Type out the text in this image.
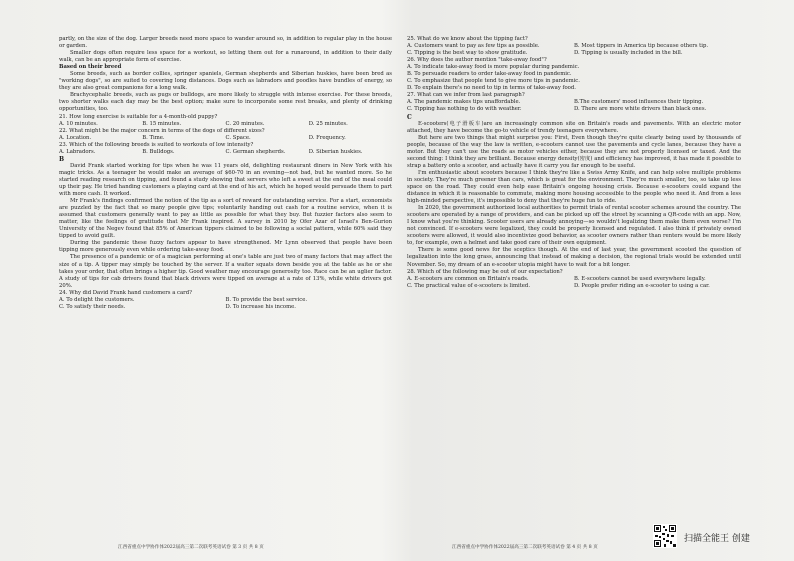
partly, on the size of the dog. Larger breeds need more space to wander around so, in addition to regular play in the house or garden.

Smaller dogs often require less space for a workout, so letting them out for a runaround, in addition to their daily walk, can be an appropriate form of exercise.

Based on their breed

Some breeds, such as border collies, springer spaniels, German shepherds and Siberian huskies, have been bred as "working dogs", so are suited to covering long distances. Dogs such as labradors and poodles have bundles of energy, so they are also great companions for a long walk.

Brachycephalic breeds, such as pugs or bulldogs, are more likely to struggle with intense exercise. For these breeds, two shorter walks each day may be the best option; make sure to incorporate some rest breaks, and plenty of drinking opportunities, too.

21. How long exercise is suitable for a 4-month-old puppy?

A. 10 minutes.	B. 15 minutes.	C. 20 minutes.	D. 25 minutes.

22. What might be the major concern in terms of the dogs of different sizes?

A. Location.	B. Time.	C. Space.	D. Frequency.

23. Which of the following breeds is suited to workouts of low intensity?

A. Labradors.	B. Bulldogs.	C. German shepherds.	D. Siberian huskies.

B

David Frank started working for tips when he was 11 years old, delighting restaurant diners in New York with his magic tricks. As a teenager he would make an average of $60-70 in an evening—not bad, but he wanted more. So he started reading research on tipping, and found a study showing that servers who left a sweet at the end of the meal could up their pay. He tried handing customers a playing card at the end of his act, which he hoped would persuade them to part with more cash. It worked.

Mr Frank's findings confirmed the notion of the tip as a sort of reward for outstanding service. For a start, economists are puzzled by the fact that so many people give tips; voluntarily handing out cash for a routine service, when it is assumed that customers generally want to pay as little as possible for what they buy. But fuzzier factors also seem to matter, like the feelings of gratitude that Mr Frank inspired. A survey in 2010 by Ofer Azar of Israel's Ben-Gurion University of the Negev found that 85% of American tippers claimed to be following a social pattern, while 60% said they tipped to avoid guilt.

During the pandemic these fuzzy factors appear to have strengthened. Mr Lynn observed that people have been tipping more generously even while ordering take-away food.

The presence of a pandemic or of a magician performing at one's table are just two of many factors that may affect the size of a tip. A tipper may simply be touched by the server. If a waiter squats down beside you at the table as he or she takes your order, that often brings a higher tip. Good weather may encourage generosity too. Race can be an uglier factor. A study of tips for cab drivers found that black drivers were tipped on average at a rate of 13%, while white drivers got 20%.

24. Why did David Frank hand customers a card?

A. To delight the customers.	B. To provide the best service.
C. To satisfy their needs.	D. To increase his income.

25. What do we know about the tipping fact?

A. Customers want to pay as few tips as possible.	B. Most tippers in America tip because others tip.
C. Tipping is the best way to show gratitude.	D. Tipping is usually included in the bill.

26. Why does the author mention "take-away food"?

A. To indicate take-away food is more popular during pandemic.

B. To persuade readers to order take-away food in pandemic.

C. To emphasize that people tend to give more tips in pandemic.

D. To explain there's no need to tip in terms of take-away food.

27. What can we infer from last paragraph?

A. The pandemic makes tips unaffordable.	B.The customers' mood influences their tipping.
C. Tipping has nothing to do with weather.	D. There are more white drivers than black ones.

C

E-scooters(电子滑板车)are an increasingly common site on Britain's roads and pavements. With an electric motor attached, they have become the go-to vehicle of trendy teenagers everywhere.

But here are two things that might surprise you: First, Even though they're quite clearly being used by thousands of people, because of the way the law is written, e-scooters cannot use the pavements and cycle lanes, because they have a motor. But they can't use the roads as motor vehicles either, because they are not properly licensed or taxed. And the second thing: I think they are brilliant. Because energy density(密度) and efficiency has improved, it has made it possible to strap a battery onto a scooter, and actually have it carry you far enough to be useful.

I'm enthusiastic about scooters because I think they're like a Swiss Army Knife, and can help solve multiple problems in society. They're much greener than cars, which is great for the environment. They're much smaller, too, so take up less space on the road. They could even help ease Britain's ongoing housing crisis. Because e-scooters could expand the distance in which it is reasonable to commute, making more housing accessible to the people who need it. And from a less high-minded perspective, it's impossible to deny that they're huge fun to ride.

In 2020, the government authorized local authorities to permit trials of rental scooter schemes around the country. The scooters are operated by a range of providers, and can be picked up off the street by scanning a QR-code with an app. Now, I know what you're thinking. Scooter users are already annoying—so wouldn't legalizing them make them even worse? I'm not convinced. If e-scooters were legalized, they could be properly licensed and regulated. I also think if privately owned scooters were allowed, it would also incentivize good behavior, as scooter owners rather than renters would be more likely to, for example, own a helmet and take good care of their own equipment.

There is some good news for the sceptics though. At the end of last year, the government scooted the question of legalization into the long grass, announcing that instead of making a decision, the regional trials would be extended until November. So, my dream of an e-scooter utopia might have to wait for a bit longer.

28. Which of the following may be out of our expectation?

A. E-scooters are common on Britain's roads.	B. E-scooters cannot be used everywhere legally.
C. The practical value of e-scooters is limited.	D. People prefer riding an e-scooter to using a car.
江西省重点中学协作体2022届高三第二次联考英语试卷 第 3 页 共 8 页	江西省重点中学协作体2022届高三第二次联考英语试卷 第 4 页 共 8 页
扫描全能王 创建
